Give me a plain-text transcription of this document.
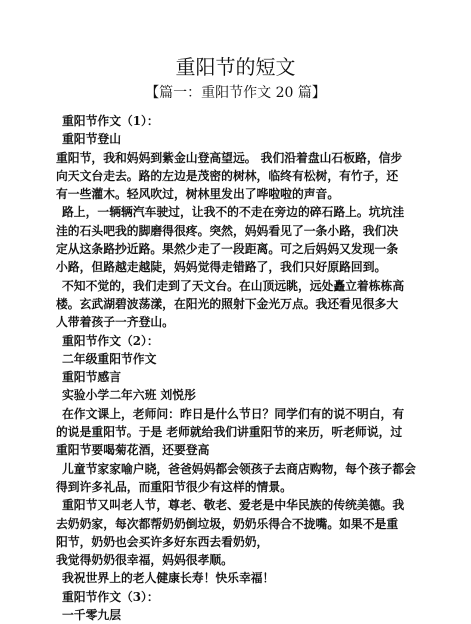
重阳节的短文

【篇一：重阳节作文 20 篇】

重阳节作文（1）：

重阳节登山

重阳节，我和妈妈到紫金山登高望远。 我们沿着盘山石板路，信步

向天文台走去。路的左边是茂密的树林，临终有松树，有竹子，还

有一些灌木。轻风吹过，树林里发出了哗啦啦的声音。

路上，一辆辆汽车驶过，让我不的不走在旁边的碎石路上。坑坑洼

洼的石头吧我的脚磨得很疼。突然，妈妈看见了一条小路，我们决

定从这条路抄近路。果然少走了一段距离。可之后妈妈又发现一条

小路，但路越走越陡，妈妈觉得走错路了，我们只好原路回到。

不知不觉的，我们走到了天文台。在山顶远眺，远处矗立着栋栋高

楼。玄武湖碧波荡漾，在阳光的照射下金光万点。我还看见很多大

人带着孩子一齐登山。

重阳节作文（2）：

二年级重阳节作文

重阳节感言

实验小学二年六班 刘悦彤

在作文课上，老师问：昨日是什么节日？同学们有的说不明白，有

的说是重阳节。于是 老师就给我们讲重阳节的来历，听老师说，过

重阳节要喝菊花酒，还要登高

儿童节家家喻户晓，爸爸妈妈都会领孩子去商店购物，每个孩子都会

得到许多礼品，而重阳节很少有这样的情景。

重阳节又叫老人节，尊老、敬老、爱老是中华民族的传统美德。我

去奶奶家，每次都帮奶奶倒垃圾，奶奶乐得合不拢嘴。如果不是重

阳节，奶奶也会买许多好东西去看奶奶，

我觉得奶奶很幸福，妈妈很孝顺。

我祝世界上的老人健康长寿！快乐幸福！

重阳节作文（3）：

一千零九层
